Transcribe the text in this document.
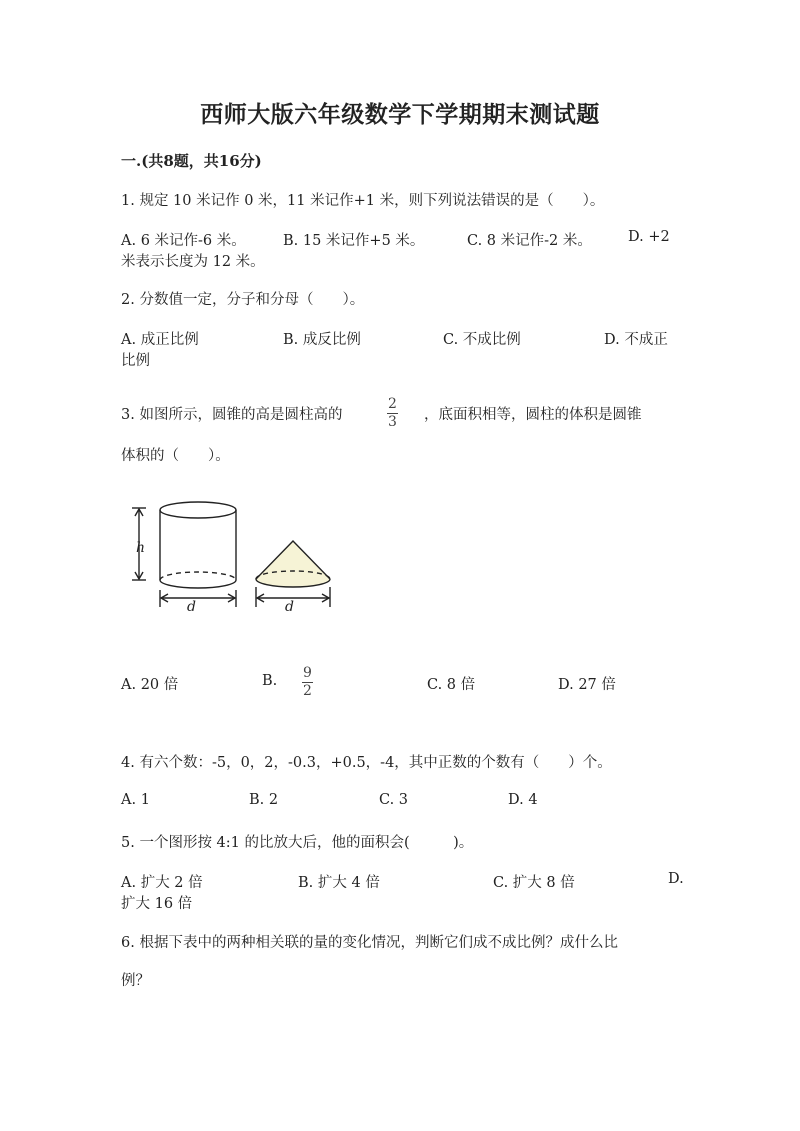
西师大版六年级数学下学期期末测试题
一.(共8题，共16分)
1. 规定 10 米记作 0 米，11 米记作+1 米，则下列说法错误的是（　　）。
A. 6 米记作-6 米。	B. 15 米记作+5 米。	C. 8 米记作-2 米。 D. +2
米表示长度为 12 米。
2. 分数值一定，分子和分母（　　）。
A. 成正比例	B. 成反比例	C. 不成比例	D. 不成正
比例
3. 如图所示，圆锥的高是圆柱高的
2
3 ，底面积相等，圆柱的体积是圆锥
体积的（　　）。
h
d	d
A. 20 倍	B. 9
2	C. 8 倍	D. 27 倍
4. 有六个数：-5，0，2，-0.3，+0.5，-4，其中正数的个数有（　　）个。
A. 1	B. 2	C. 3	D. 4
5. 一个图形按 4:1 的比放大后，他的面积会(　　　)。
A. 扩大 2 倍	B. 扩大 4 倍	C. 扩大 8 倍	D.
扩大 16 倍
6. 根据下表中的两种相关联的量的变化情况，判断它们成不成比例？成什么比
例？
